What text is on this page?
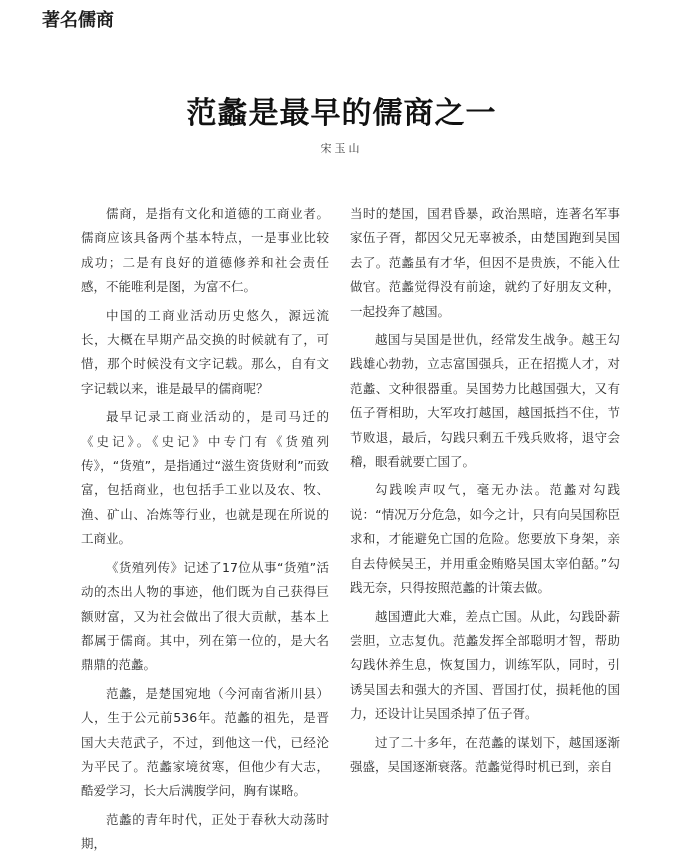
著名儒商
范蠡是最早的儒商之一
宋玉山

儒商，是指有文化和道德的工商业者。儒商应该具备两个基本特点，一是事业比较成功；二是有良好的道德修养和社会责任感，不能唯利是图，为富不仁。

中国的工商业活动历史悠久，源远流长，大概在早期产品交换的时候就有了，可惜，那个时候没有文字记载。那么，自有文字记载以来，谁是最早的儒商呢？

最早记录工商业活动的，是司马迁的《史记》。《史记》中专门有《货殖列传》，“货殖”，是指通过“滋生资货财利”而致富，包括商业，也包括手工业以及农、牧、渔、矿山、冶炼等行业，也就是现在所说的工商业。

《货殖列传》记述了17位从事“货殖”活动的杰出人物的事迹，他们既为自己获得巨额财富，又为社会做出了很大贡献，基本上都属于儒商。其中，列在第一位的，是大名鼎鼎的范蠡。

范蠡，是楚国宛地（今河南省淅川县）人，生于公元前536年。范蠡的祖先，是晋国大夫范武子，不过，到他这一代，已经沦为平民了。范蠡家境贫寒，但他少有大志，酷爱学习，长大后满腹学问，胸有谋略。

范蠡的青年时代，正处于春秋大动荡时期，

当时的楚国，国君昏暴，政治黑暗，连著名军事家伍子胥，都因父兄无辜被杀，由楚国跑到吴国去了。范蠡虽有才华，但因不是贵族，不能入仕做官。范蠡觉得没有前途，就约了好朋友文种，一起投奔了越国。

越国与吴国是世仇，经常发生战争。越王勾践雄心勃勃，立志富国强兵，正在招揽人才，对范蠡、文种很器重。吴国势力比越国强大，又有伍子胥相助，大军攻打越国，越国抵挡不住，节节败退，最后，勾践只剩五千残兵败将，退守会稽，眼看就要亡国了。

勾践唉声叹气，毫无办法。范蠡对勾践说：“情况万分危急，如今之计，只有向吴国称臣求和，才能避免亡国的危险。您要放下身架，亲自去侍候吴王，并用重金贿赂吴国太宰伯嚭。”勾践无奈，只得按照范蠡的计策去做。

越国遭此大难，差点亡国。从此，勾践卧薪尝胆，立志复仇。范蠡发挥全部聪明才智，帮助勾践休养生息，恢复国力，训练军队，同时，引诱吴国去和强大的齐国、晋国打仗，损耗他的国力，还设计让吴国杀掉了伍子胥。

过了二十多年，在范蠡的谋划下，越国逐渐强盛，吴国逐渐衰落。范蠡觉得时机已到，亲自
